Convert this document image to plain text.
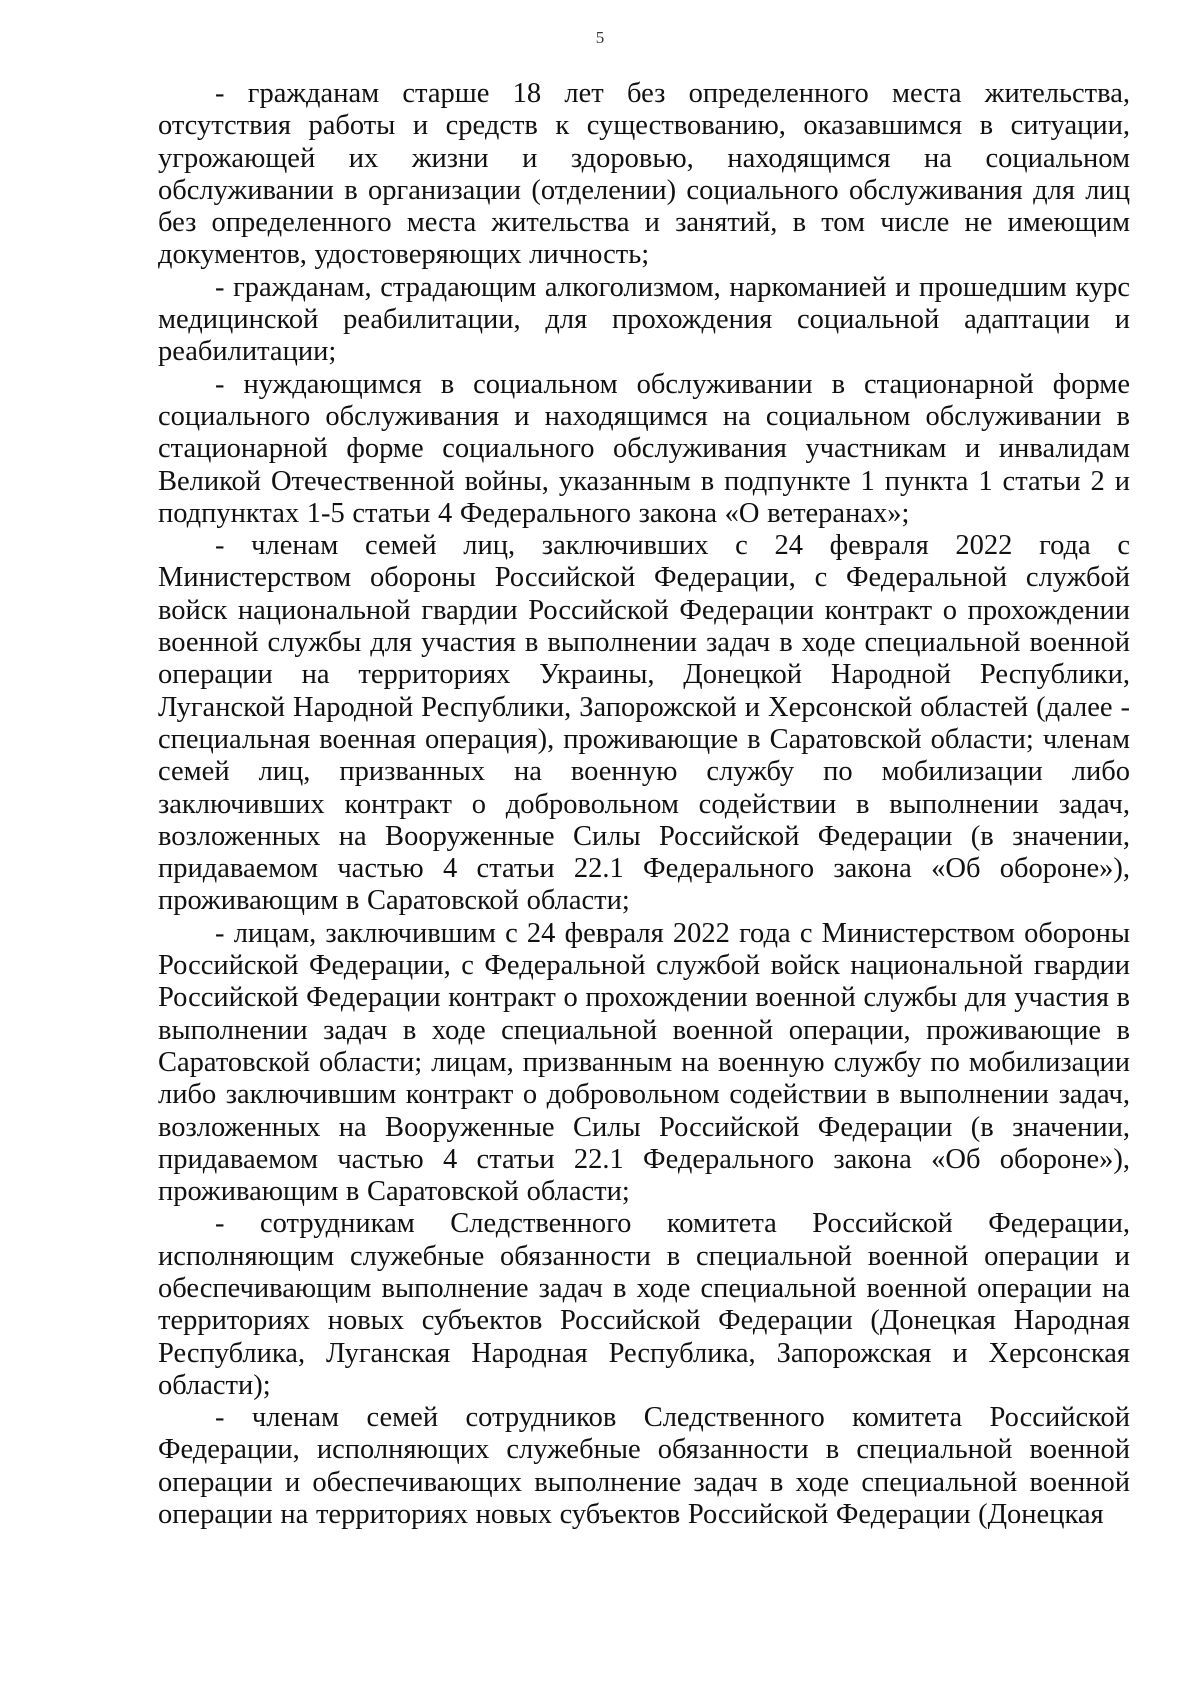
5

- гражданам старше 18 лет без определенного места жительства, отсутствия работы и средств к существованию, оказавшимся в ситуации, угрожающей их жизни и здоровью, находящимся на социальном обслуживании в организации (отделении) социального обслуживания для лиц без определенного места жительства и занятий, в том числе не имеющим документов, удостоверяющих личность;

- гражданам, страдающим алкоголизмом, наркоманией и прошедшим курс медицинской реабилитации, для прохождения социальной адаптации и реабилитации;

- нуждающимся в социальном обслуживании в стационарной форме социального обслуживания и находящимся на социальном обслуживании в стационарной форме социального обслуживания участникам и инвалидам Великой Отечественной войны, указанным в подпункте 1 пункта 1 статьи 2 и подпунктах 1-5 статьи 4 Федерального закона «О ветеранах»;

- членам семей лиц, заключивших с 24 февраля 2022 года с Министерством обороны Российской Федерации, с Федеральной службой войск национальной гвардии Российской Федерации контракт о прохождении военной службы для участия в выполнении задач в ходе специальной военной операции на территориях Украины, Донецкой Народной Республики, Луганской Народной Республики, Запорожской и Херсонской областей (далее - специальная военная операция), проживающие в Саратовской области; членам семей лиц, призванных на военную службу по мобилизации либо заключивших контракт о добровольном содействии в выполнении задач, возложенных на Вооруженные Силы Российской Федерации (в значении, придаваемом частью 4 статьи 22.1 Федерального закона «Об обороне»), проживающим в Саратовской области;

- лицам, заключившим с 24 февраля 2022 года с Министерством обороны Российской Федерации, с Федеральной службой войск национальной гвардии Российской Федерации контракт о прохождении военной службы для участия в выполнении задач в ходе специальной военной операции, проживающие в Саратовской области; лицам, призванным на военную службу по мобилизации либо заключившим контракт о добровольном содействии в выполнении задач, возложенных на Вооруженные Силы Российской Федерации (в значении, придаваемом частью 4 статьи 22.1 Федерального закона «Об обороне»), проживающим в Саратовской области;

- сотрудникам Следственного комитета Российской Федерации, исполняющим служебные обязанности в специальной военной операции и обеспечивающим выполнение задач в ходе специальной военной операции на территориях новых субъектов Российской Федерации (Донецкая Народная Республика, Луганская Народная Республика, Запорожская и Херсонская области);

- членам семей сотрудников Следственного комитета Российской Федерации, исполняющих служебные обязанности в специальной военной операции и обеспечивающих выполнение задач в ходе специальной военной операции на территориях новых субъектов Российской Федерации (Донецкая
